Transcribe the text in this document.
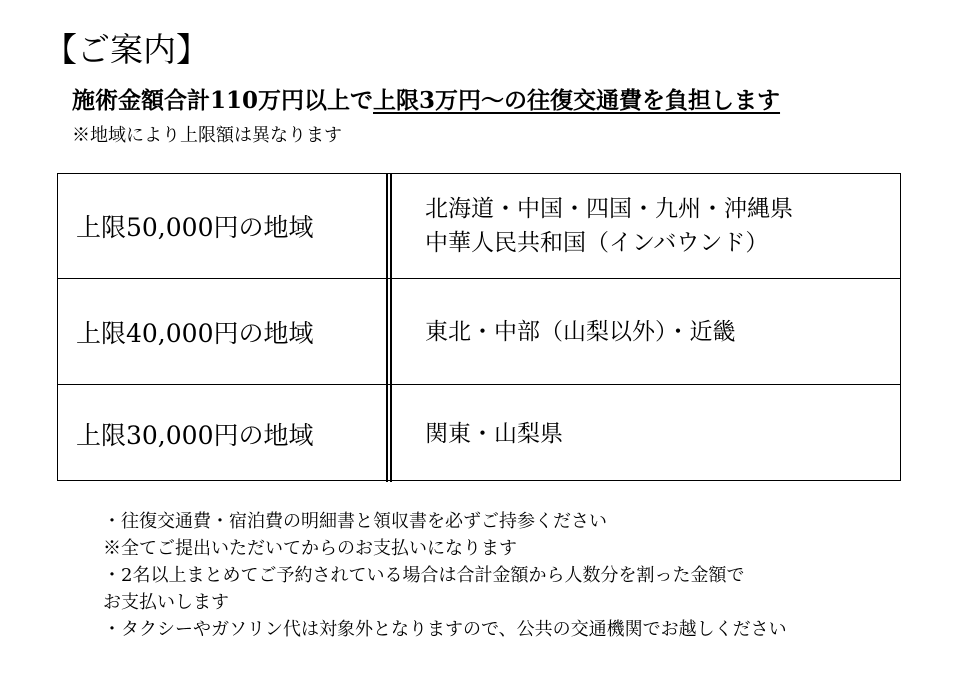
【ご案内】
施術金額合計110万円以上で上限3万円～の往復交通費を負担します
※地域により上限額は異なります
上限50,000円の地域
北海道・中国・四国・九州・沖縄県
中華人民共和国（インバウンド）
上限40,000円の地域	東北・中部（山梨以外）・近畿
上限30,000円の地域	関東・山梨県
・往復交通費・宿泊費の明細書と領収書を必ずご持参ください
※全てご提出いただいてからのお支払いになります
・2名以上まとめてご予約されている場合は合計金額から人数分を割った金額で
お支払いします
・タクシーやガソリン代は対象外となりますので、公共の交通機関でお越しください
